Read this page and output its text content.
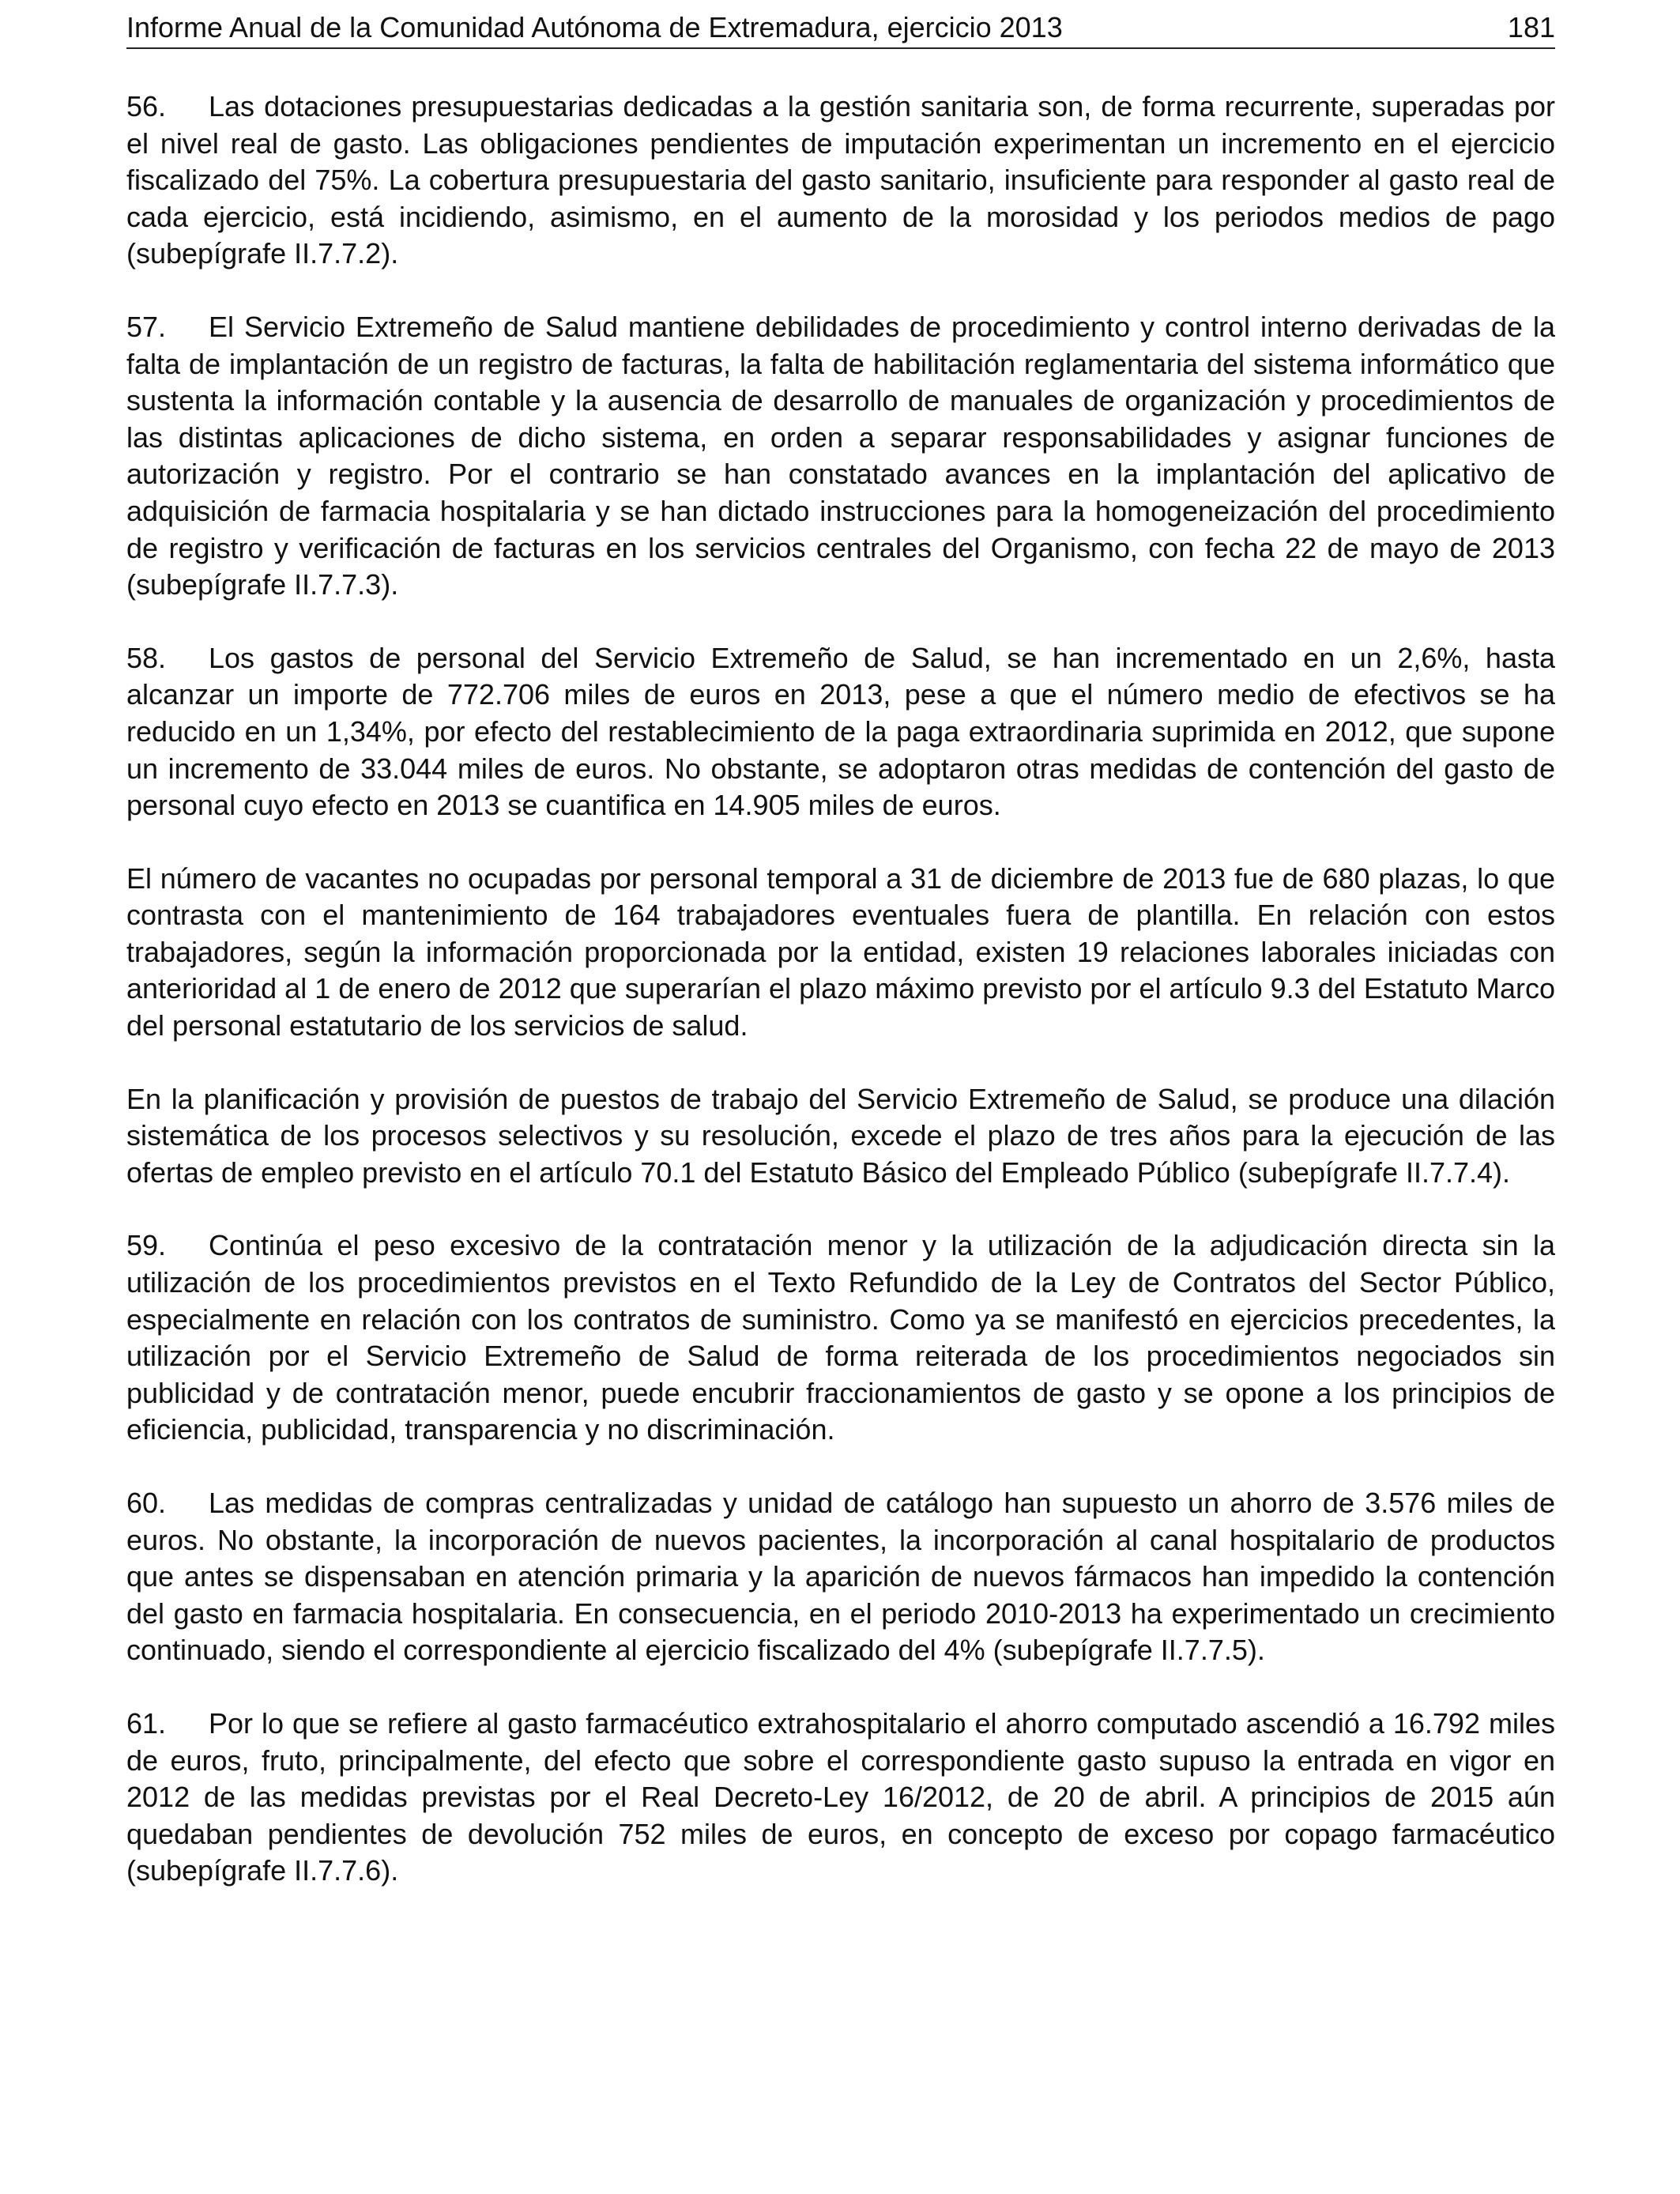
Informe Anual de la Comunidad Autónoma de Extremadura, ejercicio 2013	181

56. Las dotaciones presupuestarias dedicadas a la gestión sanitaria son, de forma recurrente, superadas por el nivel real de gasto. Las obligaciones pendientes de imputación experimentan un incremento en el ejercicio fiscalizado del 75%. La cobertura presupuestaria del gasto sanitario, insuficiente para responder al gasto real de cada ejercicio, está incidiendo, asimismo, en el aumento de la morosidad y los periodos medios de pago (subepígrafe II.7.7.2).

57. El Servicio Extremeño de Salud mantiene debilidades de procedimiento y control interno derivadas de la falta de implantación de un registro de facturas, la falta de habilitación reglamentaria del sistema informático que sustenta la información contable y la ausencia de desarrollo de manuales de organización y procedimientos de las distintas aplicaciones de dicho sistema, en orden a separar responsabilidades y asignar funciones de autorización y registro. Por el contrario se han constatado avances en la implantación del aplicativo de adquisición de farmacia hospitalaria y se han dictado instrucciones para la homogeneización del procedimiento de registro y verificación de facturas en los servicios centrales del Organismo, con fecha 22 de mayo de 2013 (subepígrafe II.7.7.3).

58. Los gastos de personal del Servicio Extremeño de Salud, se han incrementado en un 2,6%, hasta alcanzar un importe de 772.706 miles de euros en 2013, pese a que el número medio de efectivos se ha reducido en un 1,34%, por efecto del restablecimiento de la paga extraordinaria suprimida en 2012, que supone un incremento de 33.044 miles de euros. No obstante, se adoptaron otras medidas de contención del gasto de personal cuyo efecto en 2013 se cuantifica en 14.905 miles de euros.

El número de vacantes no ocupadas por personal temporal a 31 de diciembre de 2013 fue de 680 plazas, lo que contrasta con el mantenimiento de 164 trabajadores eventuales fuera de plantilla. En relación con estos trabajadores, según la información proporcionada por la entidad, existen 19 relaciones laborales iniciadas con anterioridad al 1 de enero de 2012 que superarían el plazo máximo previsto por el artículo 9.3 del Estatuto Marco del personal estatutario de los servicios de salud.

En la planificación y provisión de puestos de trabajo del Servicio Extremeño de Salud, se produce una dilación sistemática de los procesos selectivos y su resolución, excede el plazo de tres años para la ejecución de las ofertas de empleo previsto en el artículo 70.1 del Estatuto Básico del Empleado Público (subepígrafe II.7.7.4).

59. Continúa el peso excesivo de la contratación menor y la utilización de la adjudicación directa sin la utilización de los procedimientos previstos en el Texto Refundido de la Ley de Contratos del Sector Público, especialmente en relación con los contratos de suministro. Como ya se manifestó en ejercicios precedentes, la utilización por el Servicio Extremeño de Salud de forma reiterada de los procedimientos negociados sin publicidad y de contratación menor, puede encubrir fraccionamientos de gasto y se opone a los principios de eficiencia, publicidad, transparencia y no discriminación.

60. Las medidas de compras centralizadas y unidad de catálogo han supuesto un ahorro de 3.576 miles de euros. No obstante, la incorporación de nuevos pacientes, la incorporación al canal hospitalario de productos que antes se dispensaban en atención primaria y la aparición de nuevos fármacos han impedido la contención del gasto en farmacia hospitalaria. En consecuencia, en el periodo 2010-2013 ha experimentado un crecimiento continuado, siendo el correspondiente al ejercicio fiscalizado del 4% (subepígrafe II.7.7.5).

61. Por lo que se refiere al gasto farmacéutico extrahospitalario el ahorro computado ascendió a 16.792 miles de euros, fruto, principalmente, del efecto que sobre el correspondiente gasto supuso la entrada en vigor en 2012 de las medidas previstas por el Real Decreto-Ley 16/2012, de 20 de abril. A principios de 2015 aún quedaban pendientes de devolución 752 miles de euros, en concepto de exceso por copago farmacéutico (subepígrafe II.7.7.6).
